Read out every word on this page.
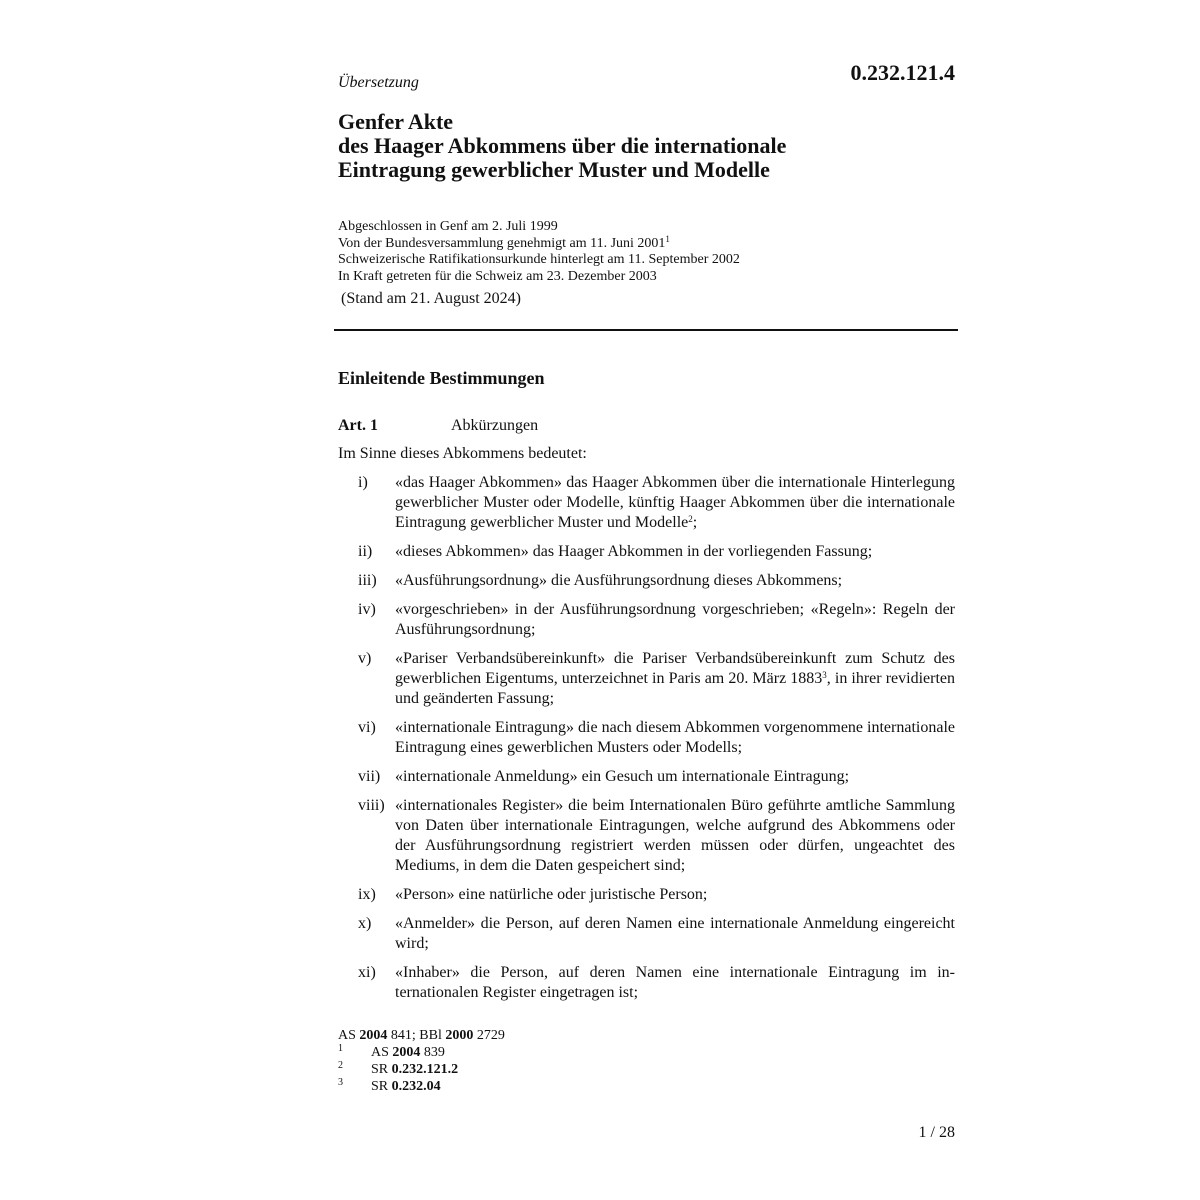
0.232.121.4
Übersetzung
Genfer Akte
des Haager Abkommens über die internationale
Eintragung gewerblicher Muster und Modelle
Abgeschlossen in Genf am 2. Juli 1999
Von der Bundesversammlung genehmigt am 11. Juni 2001$^1$
Schweizerische Ratifikationsurkunde hinterlegt am 11. September 2002
In Kraft getreten für die Schweiz am 23. Dezember 2003
(Stand am 21. August 2024)
Einleitende Bestimmungen
Art. 1	Abkürzungen
Im Sinne dieses Abkommens bedeutet:
i) «das Haager Abkommen» das Haager Abkommen über die internationale Hinterlegung gewerblicher Muster oder Modelle, künftig Haager Abkommen über die internationale Eintragung gewerblicher Muster und Modelle$^2$;
ii) «dieses Abkommen» das Haager Abkommen in der vorliegenden Fassung;
iii) «Ausführungsordnung» die Ausführungsordnung dieses Abkommens;
iv) «vorgeschrieben» in der Ausführungsordnung vorgeschrieben; «Regeln»: Regeln der Ausführungsordnung;
v) «Pariser Verbandsübereinkunft» die Pariser Verbandsübereinkunft zum Schutz des gewerblichen Eigentums, unterzeichnet in Paris am 20. März 1883$^3$, in ihrer revidierten und geänderten Fassung;
vi) «internationale Eintragung» die nach diesem Abkommen vorgenommene internationale Eintragung eines gewerblichen Musters oder Modells;
vii) «internationale Anmeldung» ein Gesuch um internationale Eintragung;
viii) «internationales Register» die beim Internationalen Büro geführte amtliche Sammlung von Daten über internationale Eintragungen, welche aufgrund des Abkommens oder der Ausführungsordnung registriert werden müssen oder dürfen, ungeachtet des Mediums, in dem die Daten gespeichert sind;
ix) «Person» eine natürliche oder juristische Person;
x) «Anmelder» die Person, auf deren Namen eine internationale Anmeldung eingereicht wird;
xi) «Inhaber» die Person, auf deren Namen eine internationale Eintragung im internationalen Register eingetragen ist;
AS 2004 841; BBl 2000 2729
1 AS 2004 839
2 SR 0.232.121.2
3 SR 0.232.04
1 / 28
